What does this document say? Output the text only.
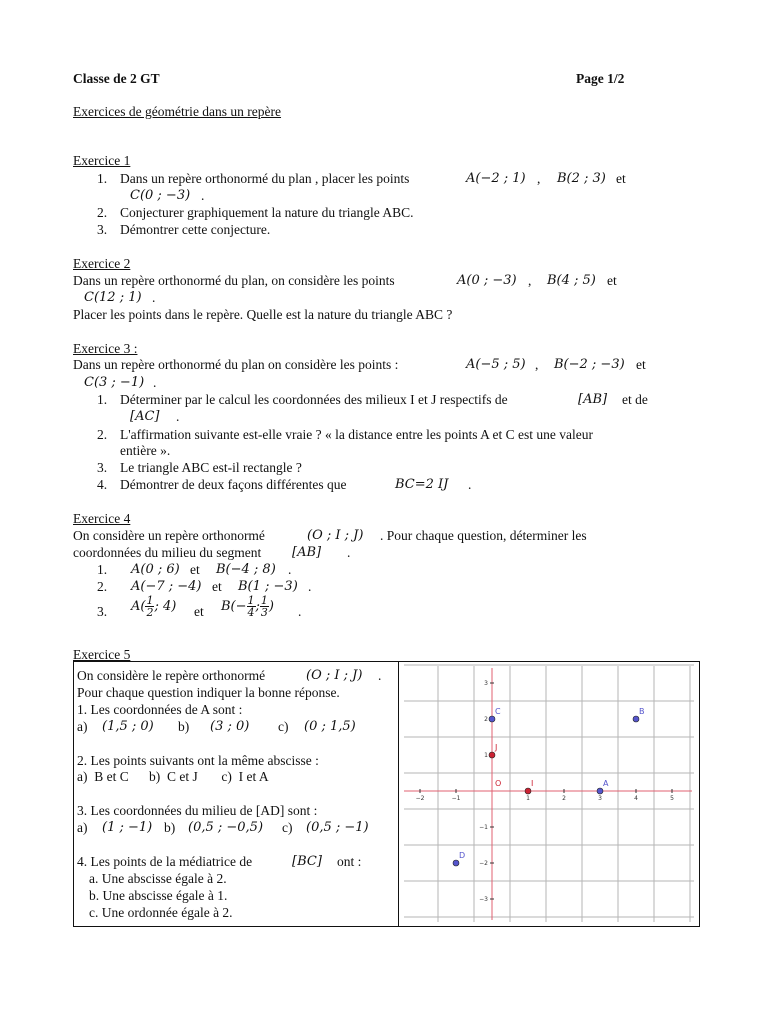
Classe de 2 GT	Page 1/2
Exercices de géométrie dans un repère
Exercice 1
1. Dans un repère orthonormé du plan , placer les points	A(−2 ; 1) , B(2 ; 3) et
C(0 ; −3) .
2. Conjecturer graphiquement la nature du triangle ABC.
3. Démontrer cette conjecture.
Exercice 2
Dans un repère orthonormé du plan, on considère les points	A(0 ; −3) , B(4 ; 5) et
C(12 ; 1) .
Placer les points dans le repère. Quelle est la nature du triangle ABC ?
Exercice 3 :
Dans un repère orthonormé du plan on considère les points :	A(−5 ; 5) , B(−2 ; −3) et
C(3 ; −1) .
1. Déterminer par le calcul les coordonnées des milieux I et J respectifs de	[AB] et de
[AC] .
2. L'affirmation suivante est-elle vraie ? « la distance entre les points A et C est une valeur
entière ».
3. Le triangle ABC est-il rectangle ?
4. Démontrer de deux façons différentes que	BC=2 IJ .
Exercice 4
On considère un repère orthonormé	(O ; I ; J) . Pour chaque question, déterminer les
coordonnées du milieu du segment [AB] .
1. A(0 ; 6) et B(−4 ; 8) .
2. A(−7 ; −4) et B(1 ; −3) .
3. $A( \frac{1}{2}$ ; 4) et $B(- \frac{1}{4}$ ; $\frac{1}{3}$ ) .
Exercice 5
On considère le repère orthonormé	(O ; I ; J) .
Pour chaque question indiquer la bonne réponse.
1. Les coordonnées de A sont :
a) (1,5 ; 0) b) (3 ; 0) c) (0 ; 1,5)
2. Les points suivants ont la même abscisse :
a)  B et C      b)  C et J       c)  I et A
3. Les coordonnées du milieu de [AD] sont :
a) (1 ; −1) b) (0,5 ; −0,5) c) (0,5 ; −1)
4. Les points de la médiatrice de	[BC] ont :
a. Une abscisse égale à 2.
b. Une abscisse égale à 1.
c. Une ordonnée égale à 2.
−2	−1	1	2	3	4	5
3
2
1
−1
−2
−3
O	A
B
C
D
I
J
